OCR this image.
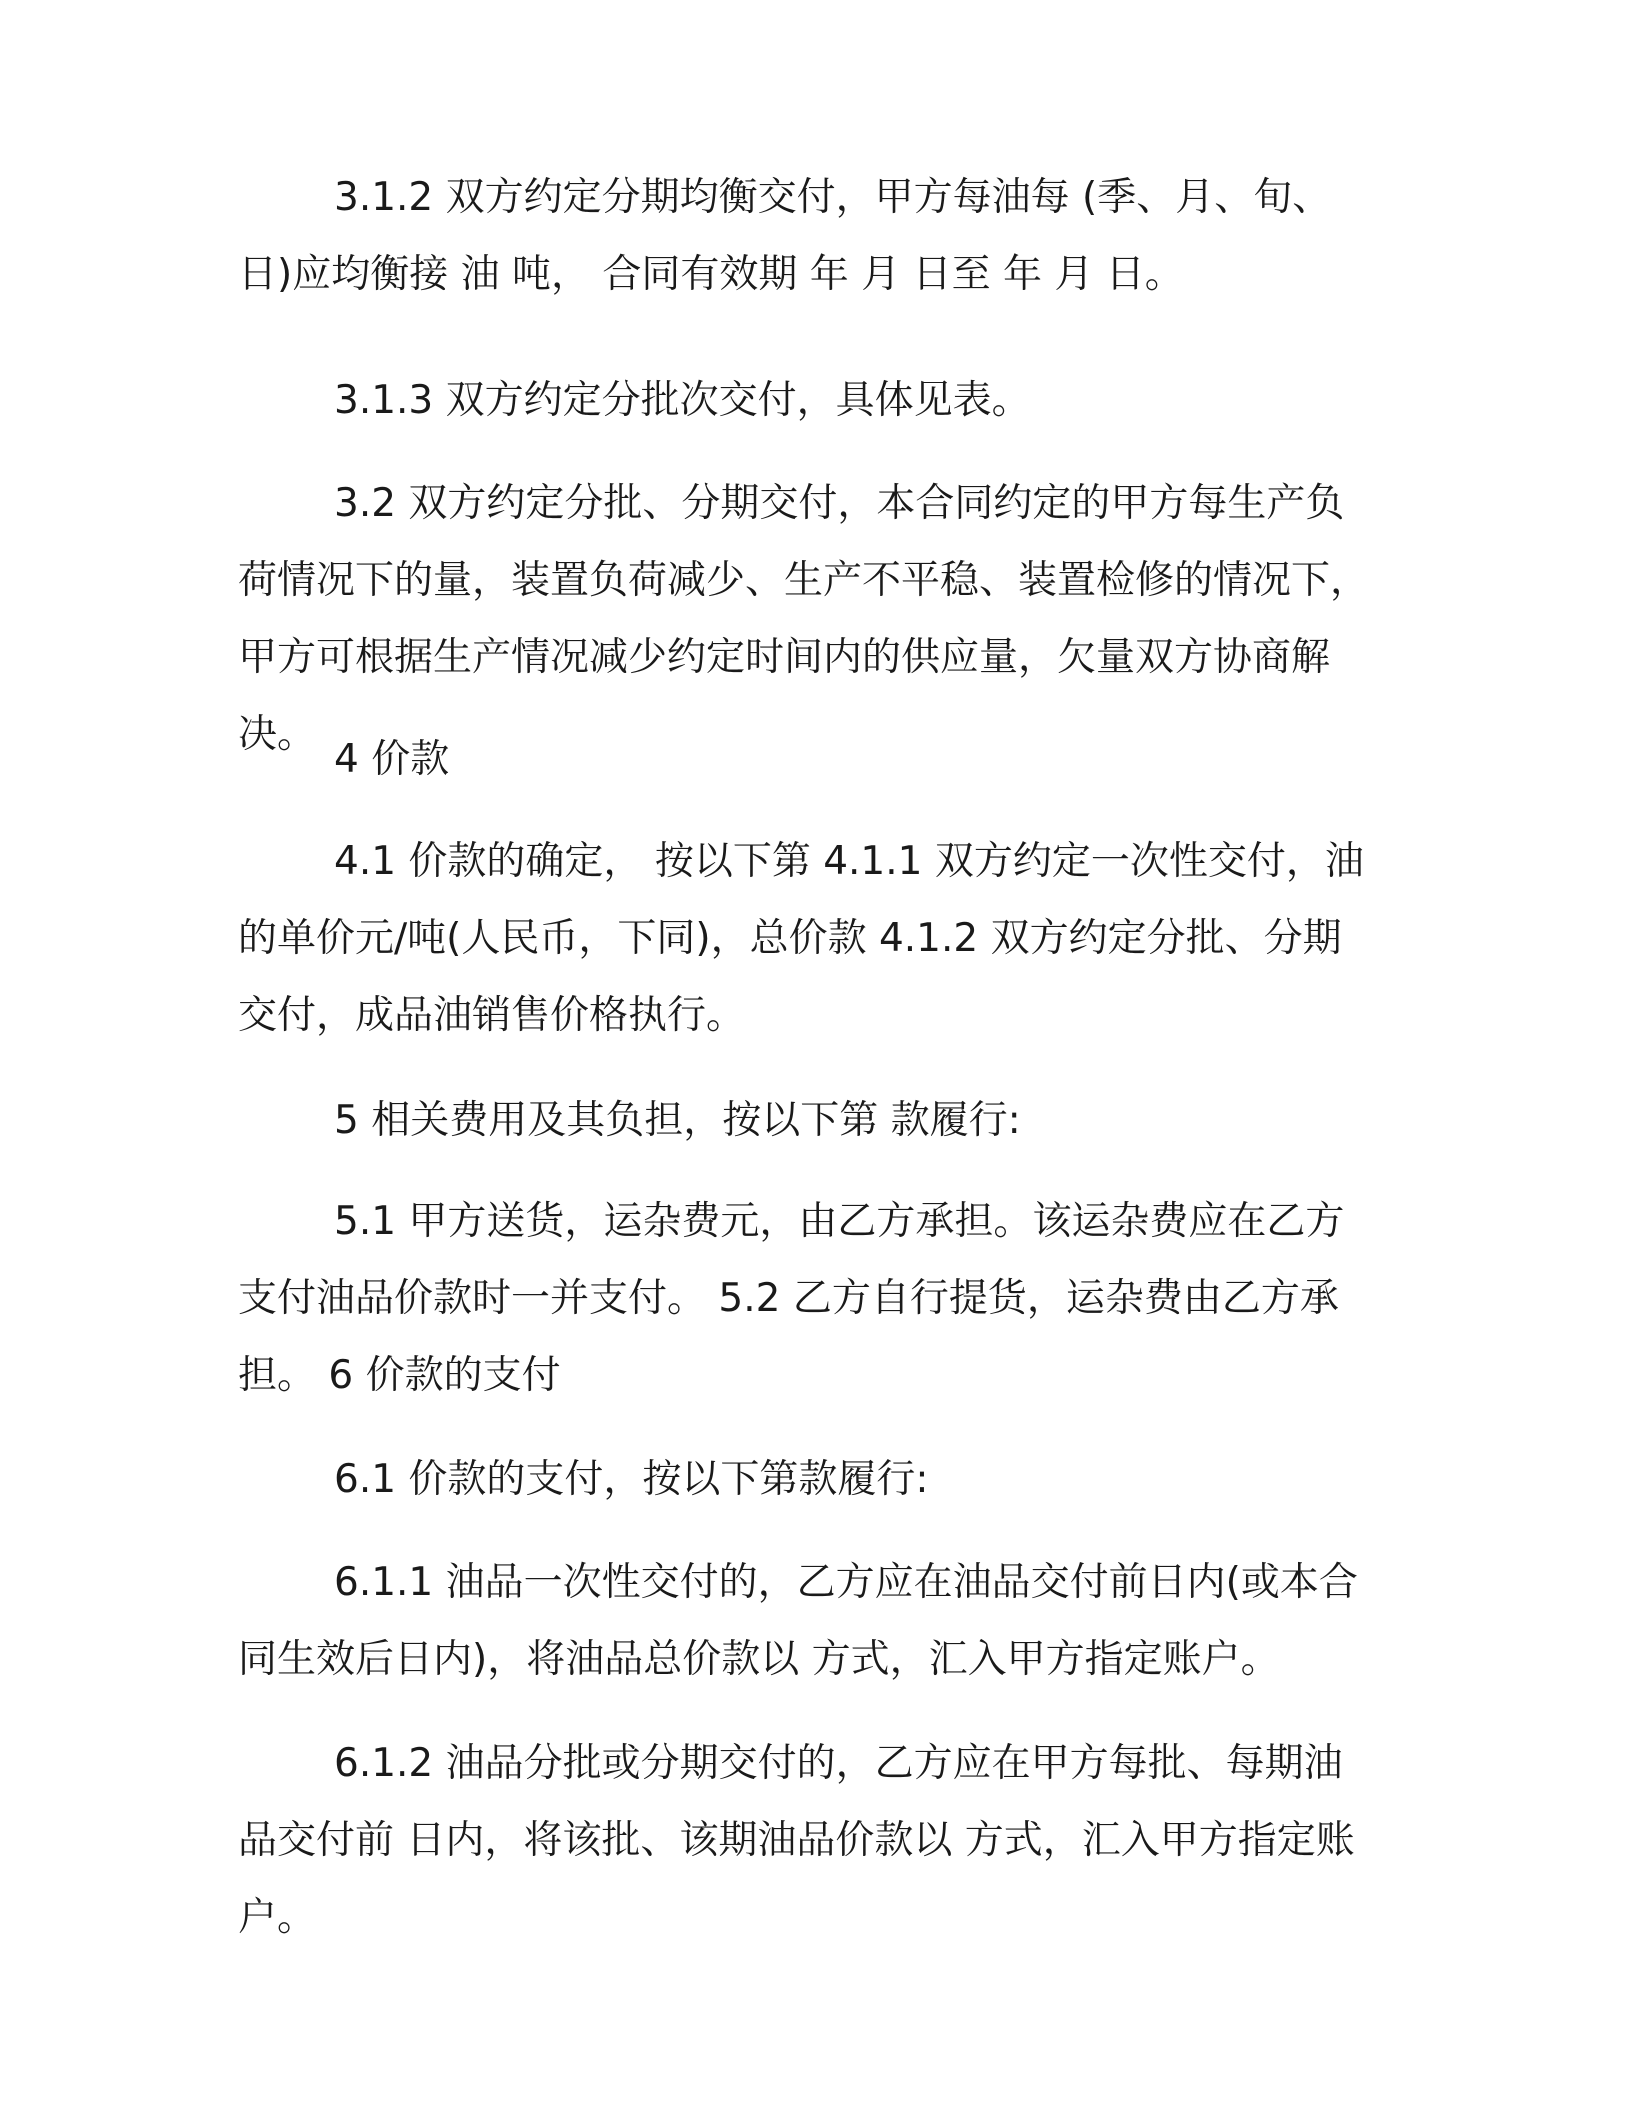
3.1.2 双方约定分期均衡交付，甲方每油每 (季、月、旬、日)应均衡接 油 吨， 合同有效期 年 月 日至 年 月 日。

3.1.3 双方约定分批次交付，具体见表。

3.2 双方约定分批、分期交付，本合同约定的甲方每生产负荷情况下的量，装置负荷减少、生产不平稳、装置检修的情况下，甲方可根据生产情况减少约定时间内的供应量，欠量双方协商解决。

4 价款

4.1 价款的确定， 按以下第 4.1.1 双方约定一次性交付，油的单价元/吨(人民币，下同)，总价款 4.1.2 双方约定分批、分期交付，成品油销售价格执行。

5 相关费用及其负担，按以下第 款履行:

5.1 甲方送货，运杂费元，由乙方承担。该运杂费应在乙方支付油品价款时一并支付。 5.2 乙方自行提货，运杂费由乙方承担。 6 价款的支付

6.1 价款的支付，按以下第款履行:

6.1.1 油品一次性交付的，乙方应在油品交付前日内(或本合同生效后日内)，将油品总价款以 方式，汇入甲方指定账户。

6.1.2 油品分批或分期交付的，乙方应在甲方每批、每期油品交付前 日内，将该批、该期油品价款以 方式，汇入甲方指定账户。
